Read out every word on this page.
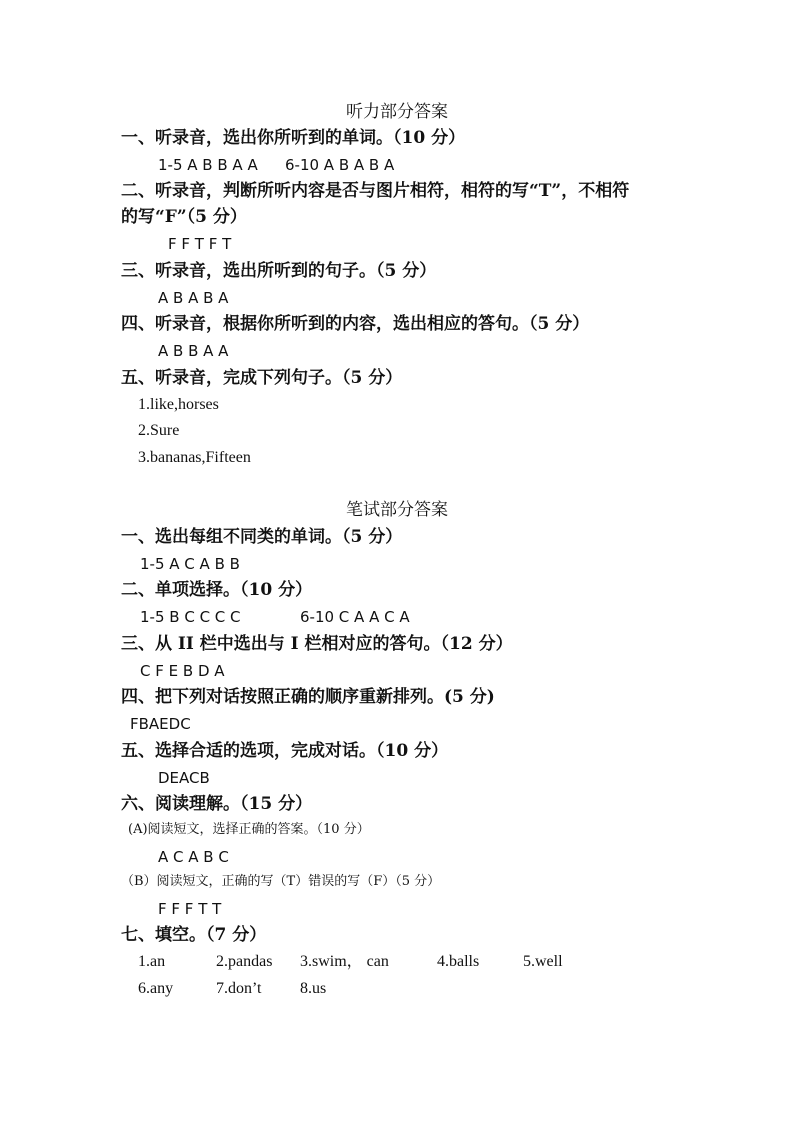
听力部分答案
一、听录音，选出你所听到的单词。（10 分）
1-5 A B B A A 6-10 A B A B A
二、听录音，判断所听内容是否与图片相符，相符的写“T”，不相符
的写“F”（5 分）
F F T F T
三、听录音，选出所听到的句子。（5 分）
A B A B A
四、听录音，根据你所听到的内容，选出相应的答句。（5 分）
A B B A A
五、听录音，完成下列句子。（5 分）
1.like,horses
2.Sure
3.bananas,Fifteen
笔试部分答案
一、选出每组不同类的单词。（5 分）
1-5 A C A B B
二、单项选择。（10 分）
1-5 B C C C C	6-10 C A A C A
三、从 II 栏中选出与 I 栏相对应的答句。（12 分）
C F E B D A
四、把下列对话按照正确的顺序重新排列。(5 分)
FBAEDC
五、选择合适的选项，完成对话。（10 分）
DEACB
六、阅读理解。（15 分）
(A)阅读短文，选择正确的答案。（10 分）
A C A B C
（B）阅读短文，正确的写（T）错误的写（F）（5 分）
F F F T T
七、填空。（7 分）
1.an	2.pandas 3.swim， can	4.balls	5.well
6.any	7.don’t 8.us
